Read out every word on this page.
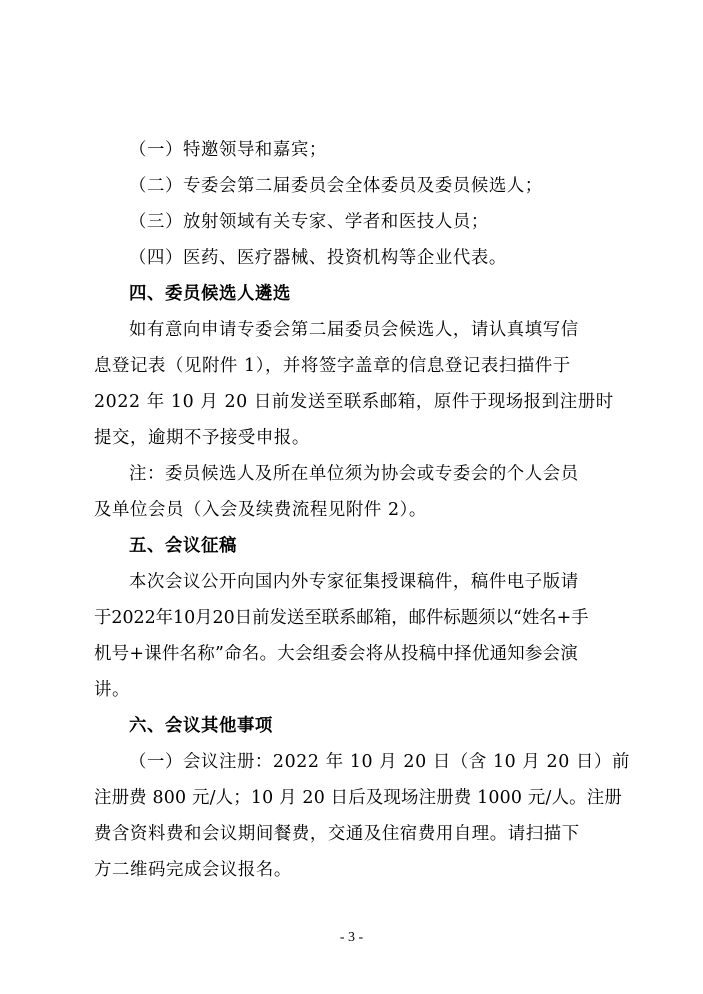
（一）特邀领导和嘉宾；
（二）专委会第二届委员会全体委员及委员候选人；
（三）放射领域有关专家、学者和医技人员；
（四）医药、医疗器械、投资机构等企业代表。
四、委员候选人遴选
如有意向申请专委会第二届委员会候选人，请认真填写信
息登记表（见附件 1），并将签字盖章的信息登记表扫描件于
2022 年 10 月 20 日前发送至联系邮箱，原件于现场报到注册时
提交，逾期不予接受申报。
注：委员候选人及所在单位须为协会或专委会的个人会员
及单位会员（入会及续费流程见附件 2）。
五、会议征稿
本次会议公开向国内外专家征集授课稿件，稿件电子版请
于2022年10月20日前发送至联系邮箱，邮件标题须以“姓名+手
机号+课件名称”命名。大会组委会将从投稿中择优通知参会演
讲。
六、会议其他事项
（一）会议注册：2022 年 10 月 20 日（含 10 月 20 日）前
注册费 800 元/人；10 月 20 日后及现场注册费 1000 元/人。注册
费含资料费和会议期间餐费，交通及住宿费用自理。请扫描下
方二维码完成会议报名。
- 3 -
